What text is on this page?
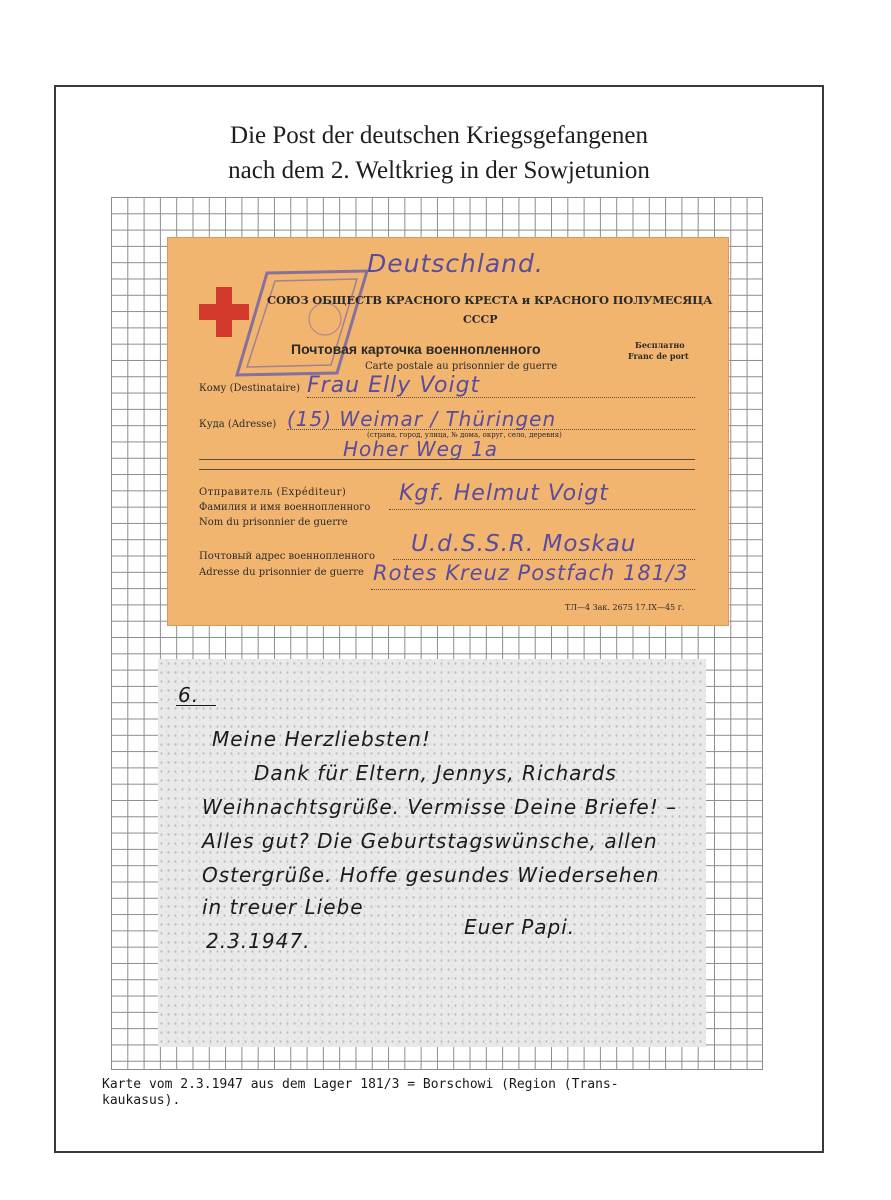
Die Post der deutschen Kriegsgefangenen
nach dem 2. Weltkrieg in der Sowjetunion
Deutschland.
СОЮЗ ОБЩЕСТВ КРАСНОГО КРЕСТА и КРАСНОГО ПОЛУМЕСЯЦА
СССР
Бесплатно
Franc de port
Почтовая карточка военнопленного
Carte postale au prisonnier de guerre
Кому (Destinataire) Frau Elly Voigt
Куда (Adresse) (15) Weimar / Thüringen
(страна, город, улица, № дома, округ, село, деревня)
Hoher Weg 1a
Отправитель (Expéditeur)
Фамилия и имя военнопленного
Nom du prisonnier de guerre
Kgf. Helmut Voigt
Почтовый адрес военнопленного
Adresse du prisonnier de guerre
U.d.S.S.R. Moskau
Rotes Kreuz Postfach 181/3
ТЛ—4 Зак. 2675 17.IX—45 г.
6.
Meine Herzliebsten!
Dank für Eltern, Jennys, Richards
Weihnachtsgrüße. Vermisse Deine Briefe! –
Alles gut? Die Geburtstagswünsche, allen
Ostergrüße. Hoffe gesundes Wiedersehen
in treuer Liebe
Euer Papi.
2.3.1947.
Karte vom 2.3.1947 aus dem Lager 181/3 = Borschowi (Region (Trans-
kaukasus).
